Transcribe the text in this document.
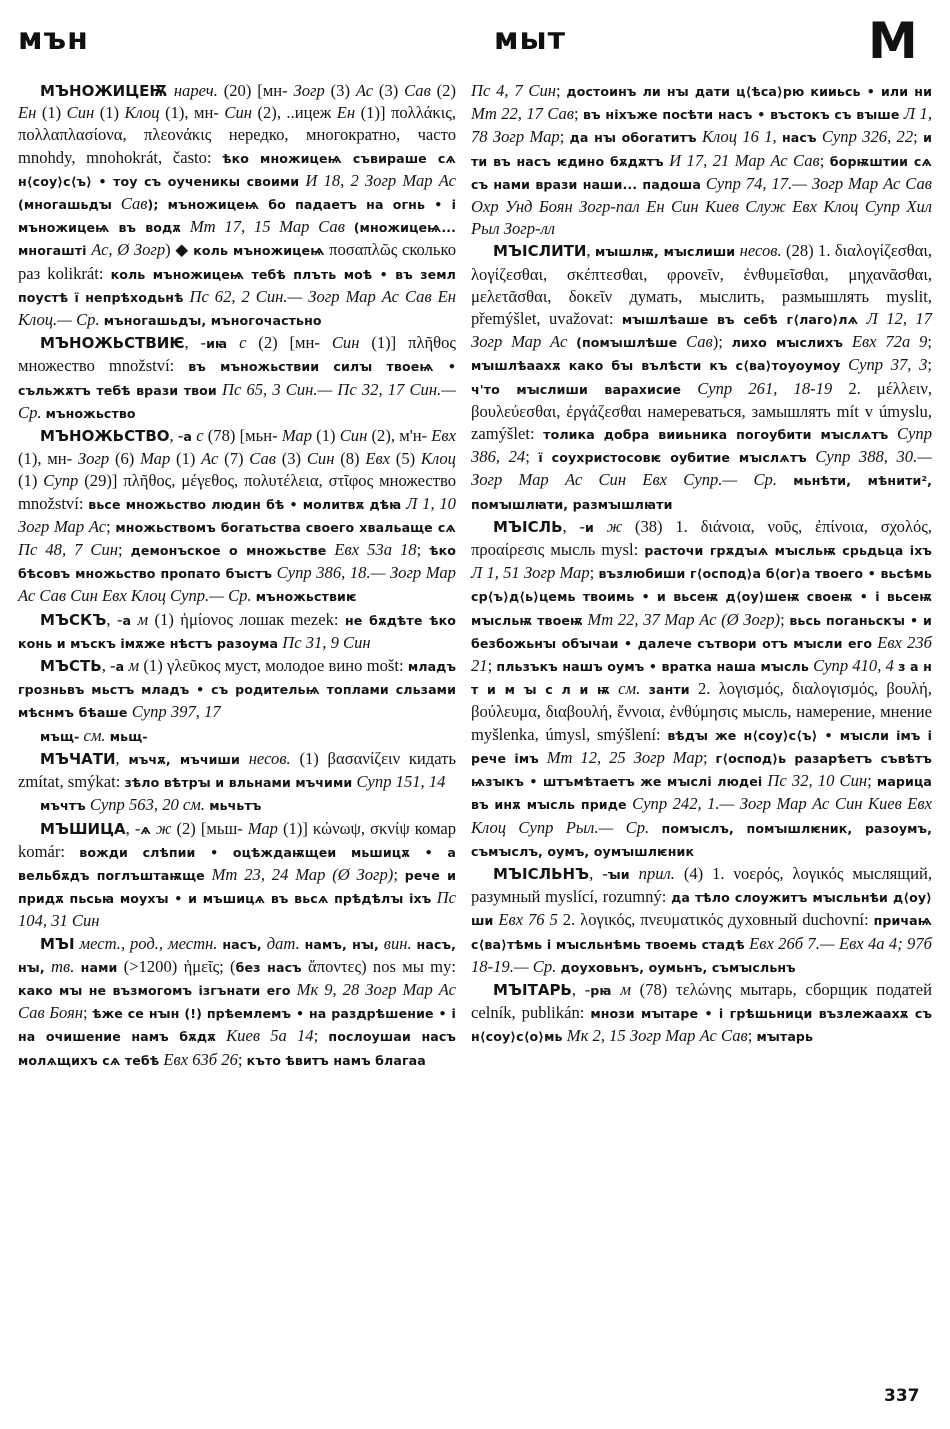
мън	мыт	М

МЪНОЖИЦЕѬ нареч. (20) [мн- Зогр (3) Ас (3) Сав (2) Ен (1) Син (1) Клоц (1), мн- Син (2), ..ицеж Ен (1)] πολλάκις, πολλαπλασίονα, πλεονάκις нередко, многократно, часто mnohdy, mnohokrát, často: ѣко множицеѩ съвираше сѧ н⟨соу⟩с⟨ъ⟩ • тоу съ оученикы своими И 18, 2 Зогр Мар Ас (многашьдꙑ Сав); мъножицеѩ бо падаетъ на огнь • і мъножицеѩ въ водѫ Мт 17, 15 Мар Сав (множицеѩ... многашті Ас, Ø Зогр) ◆ коль мъножицеѩ ποσαπλῶς сколько раз kolikrát: коль мъножицеѩ тебѣ плъть моѣ • въ земл поустѣ ї непрѣходьнѣ Пс 62, 2 Син.— Зогр Мар Ас Сав Ен Клоц.— Ср. мъногашьдꙑ, мъногочастьно

МЪНОЖЬСТВИѤ, -иꙗ с (2) [мн- Син (1)] πλῆθος множество množství: въ мъножьствии силꙑ твоеѩ • съльжѫтъ тебѣ врази твои Пс 65, 3 Син.— Пс 32, 17 Син.— Ср. мъножьство

МЪНОЖЬСТВО, -а с (78) [мьн- Мар (1) Син (2), м'н- Евх (1), мн- Зогр (6) Мар (1) Ас (7) Сав (3) Син (8) Евх (5) Клоц (1) Супр (29)] πλῆθος, μέγεθος, πολυτέλεια, στῖφος множество množství: вьсе множьство людин бѣ • молитвѫ дѣꙗ Л 1, 10 Зогр Мар Ас; множьствомъ богатьства своего хвальаще сѧ Пс 48, 7 Син; демонъское о множьстве Евх 53а 18; ѣко бѣсовъ множьство пропато бꙑстъ Супр 386, 18.— Зогр Мар Ас Сав Син Евх Клоц Супр.— Ср. мъножьствиѥ

МЪСКЪ, -а м (1) ἡμίονος лошак mezek: не бѫдѣте ѣко конь и мъскъ імѫже нѣстъ разоума Пс 31, 9 Син

МЪСТЬ, -а м (1) γλεῦκος муст, молодое вино mošt: младъ грозньвъ мьстъ младъ • съ родительѩ топлами сльзами мѣснмъ бѣаше Супр 397, 17

мъщ- см. мьщ-

МЪЧАТИ, мъчѫ, мъчиши несов. (1) βασανίζειν кидать zmítat, smýkat: зѣло вѣтрꙑ и вльнами мъчими Супр 151, 14

мъчтъ Супр 563, 20 см. мьчьтъ

МЪШИЦА, -ѧ ж (2) [мьш- Мар (1)] κώνωψ, σκνίψ комар komár: вожди слѣпии • оцѣждаѭщеи мьшицѫ • а вельбѫдъ поглъштаѭще Мт 23, 24 Мар (Ø Зогр); рече и придѫ пьсьꙗ моухꙑ • и мъшицѧ въ вьсѧ прѣдѣлꙑ іхъ Пс 104, 31 Син

МЪІ мест., род., местн. насъ, дат. намъ, нꙑ, вин. насъ, нꙑ, тв. нами (>1200) ἡμεῖς; (без насъ ἄποντες) nos мы my: како мꙑ не възмогомъ ізгънати его Мк 9, 28 Зогр Мар Ас Сав Боян; ѣже се нꙑн (!) прѣемлемъ • на раздрѣшение • і на очишение намъ бѫдѫ Киев 5а 14; послоушаи насъ молѧщихъ сѧ тебѣ Евх 63б 26; къто ѣвитъ намъ благаа

Пс 4, 7 Син; достоинъ ли нꙑ дати ц⟨ѣса⟩рю кииьсь • или ни Мт 22, 17 Сав; въ ніхъже посѣти насъ • въстокъ съ вꙑше Л 1, 78 Зогр Мар; да нꙑ обогатитъ Клоц 16 1, насъ Супр 326, 22; и ти въ насъ ѥдино бѫдѫтъ И 17, 21 Мар Ас Сав; борѭштии сѧ съ нами врази наши... падоша Супр 74, 17.— Зогр Мар Ас Сав Охр Унд Боян Зогр-пал Ен Син Киев Служ Евх Клоц Супр Хил Рыл Зогр-лл

МЪІСЛИТИ, мꙑшлѭ, мꙑслиши несов. (28) 1. διαλογίζεσθαι, λογίζεσθαι, σκέπτεσθαι, φρονεῖν, ἐνθυμεῖσθαι, μηχανᾶσθαι, μελετᾶσθαι, δοκεῖν думать, мыслить, размышлять myslit, přemýšlet, uvažovat: мꙑшлѣаше въ себѣ г⟨лаго⟩лѧ Л 12, 17 Зогр Мар Ас (помꙑшлѣше Сав); лихо мꙑслихъ Евх 72а 9; мꙑшлѣаахѫ како бꙑ вълѣсти къ с⟨ва⟩тоуоумоу Супр 37, 3; ч'то мꙑслиши варахисие Супр 261, 18-19 2. μέλλειν, βουλεύεσθαι, ἐργάζεσθαι намереваться, замышлять mít v úmyslu, zamýšlet: толика добра вииьника погоубити мꙑслѧтъ Супр 386, 24; ї соухристосовѥ оубитие мꙑслѧтъ Супр 388, 30.— Зогр Мар Ас Син Евх Супр.— Ср. мьнѣти, мѣнити², помꙑшлꙗти, размꙑшлꙗти

МЪІСЛЬ, -и ж (38) 1. διάνοια, νοῦς, ἐπίνοια, σχολός, προαίρεσις мысль mysl: расточи грѫдꙑѧ мꙑсльѭ срьдьца іхъ Л 1, 51 Зогр Мар; възлюбиши г⟨оспод⟩а б⟨ог⟩а твоего • вьсѣмь ср⟨ъ⟩д⟨ь⟩цемь твоимь • и вьсеѭ д⟨оу⟩шеѭ своеѭ • і вьсеѭ мꙑсльѭ твоеѭ Мт 22, 37 Мар Ас (Ø Зогр); вьсь поганьскꙑ • и безбожьнꙑ обꙑчаи • далече сътвори отъ мꙑсли его Евх 23б 21; пльзъкъ нашъ оумъ • вратка наша мꙑсль Супр 410, 4 з а н т и м ꙑ с л и ѭ см. занти 2. λογισμός, διαλογισμός, βουλή, βούλευμα, διαβουλή, ἔννοια, ἐνθύμησις мысль, намерение, мнение myšlenka, úmysl, smýšlení: вѣдꙑ же н⟨соу⟩с⟨ъ⟩ • мꙑсли імъ і рече імъ Мт 12, 25 Зогр Мар; г⟨оспод⟩ь разарѣетъ съвѣтъ ѩзꙑкъ • штъмѣтаетъ же мꙑслі людеі Пс 32, 10 Син; марица въ инѫ мꙑсль приде Супр 242, 1.— Зогр Мар Ас Син Киев Евх Клоц Супр Рыл.— Ср. помꙑслъ, помꙑшлѥник, разоумъ, съмꙑслъ, оумъ, оумꙑшлѥник

МЪІСЛЬНЪ, -ꙑи прил. (4) 1. νοερός, λογικός мыслящий, разумный myslící, rozumný: да тѣло слоужитъ мꙑсльнѣи д⟨оу⟩ши Евх 76 5 2. λογικός, πνευματικός духовный duchovní: причаѩ с⟨ва⟩тѣмь і мꙑсльнѣмь твоемь стадѣ Евх 26б 7.— Евх 4а 4; 97б 18-19.— Ср. доуховьнъ, оумьнъ, съмꙑсльнъ

МЪІТАРЬ, -рꙗ м (78) τελώνης мытарь, сборщик податей celník, publikán: мнози мꙑтаре • і грѣшьници възлежаахѫ съ н⟨соу⟩с⟨о⟩мь Мк 2, 15 Зогр Мар Ас Сав; мꙑтарь

337
